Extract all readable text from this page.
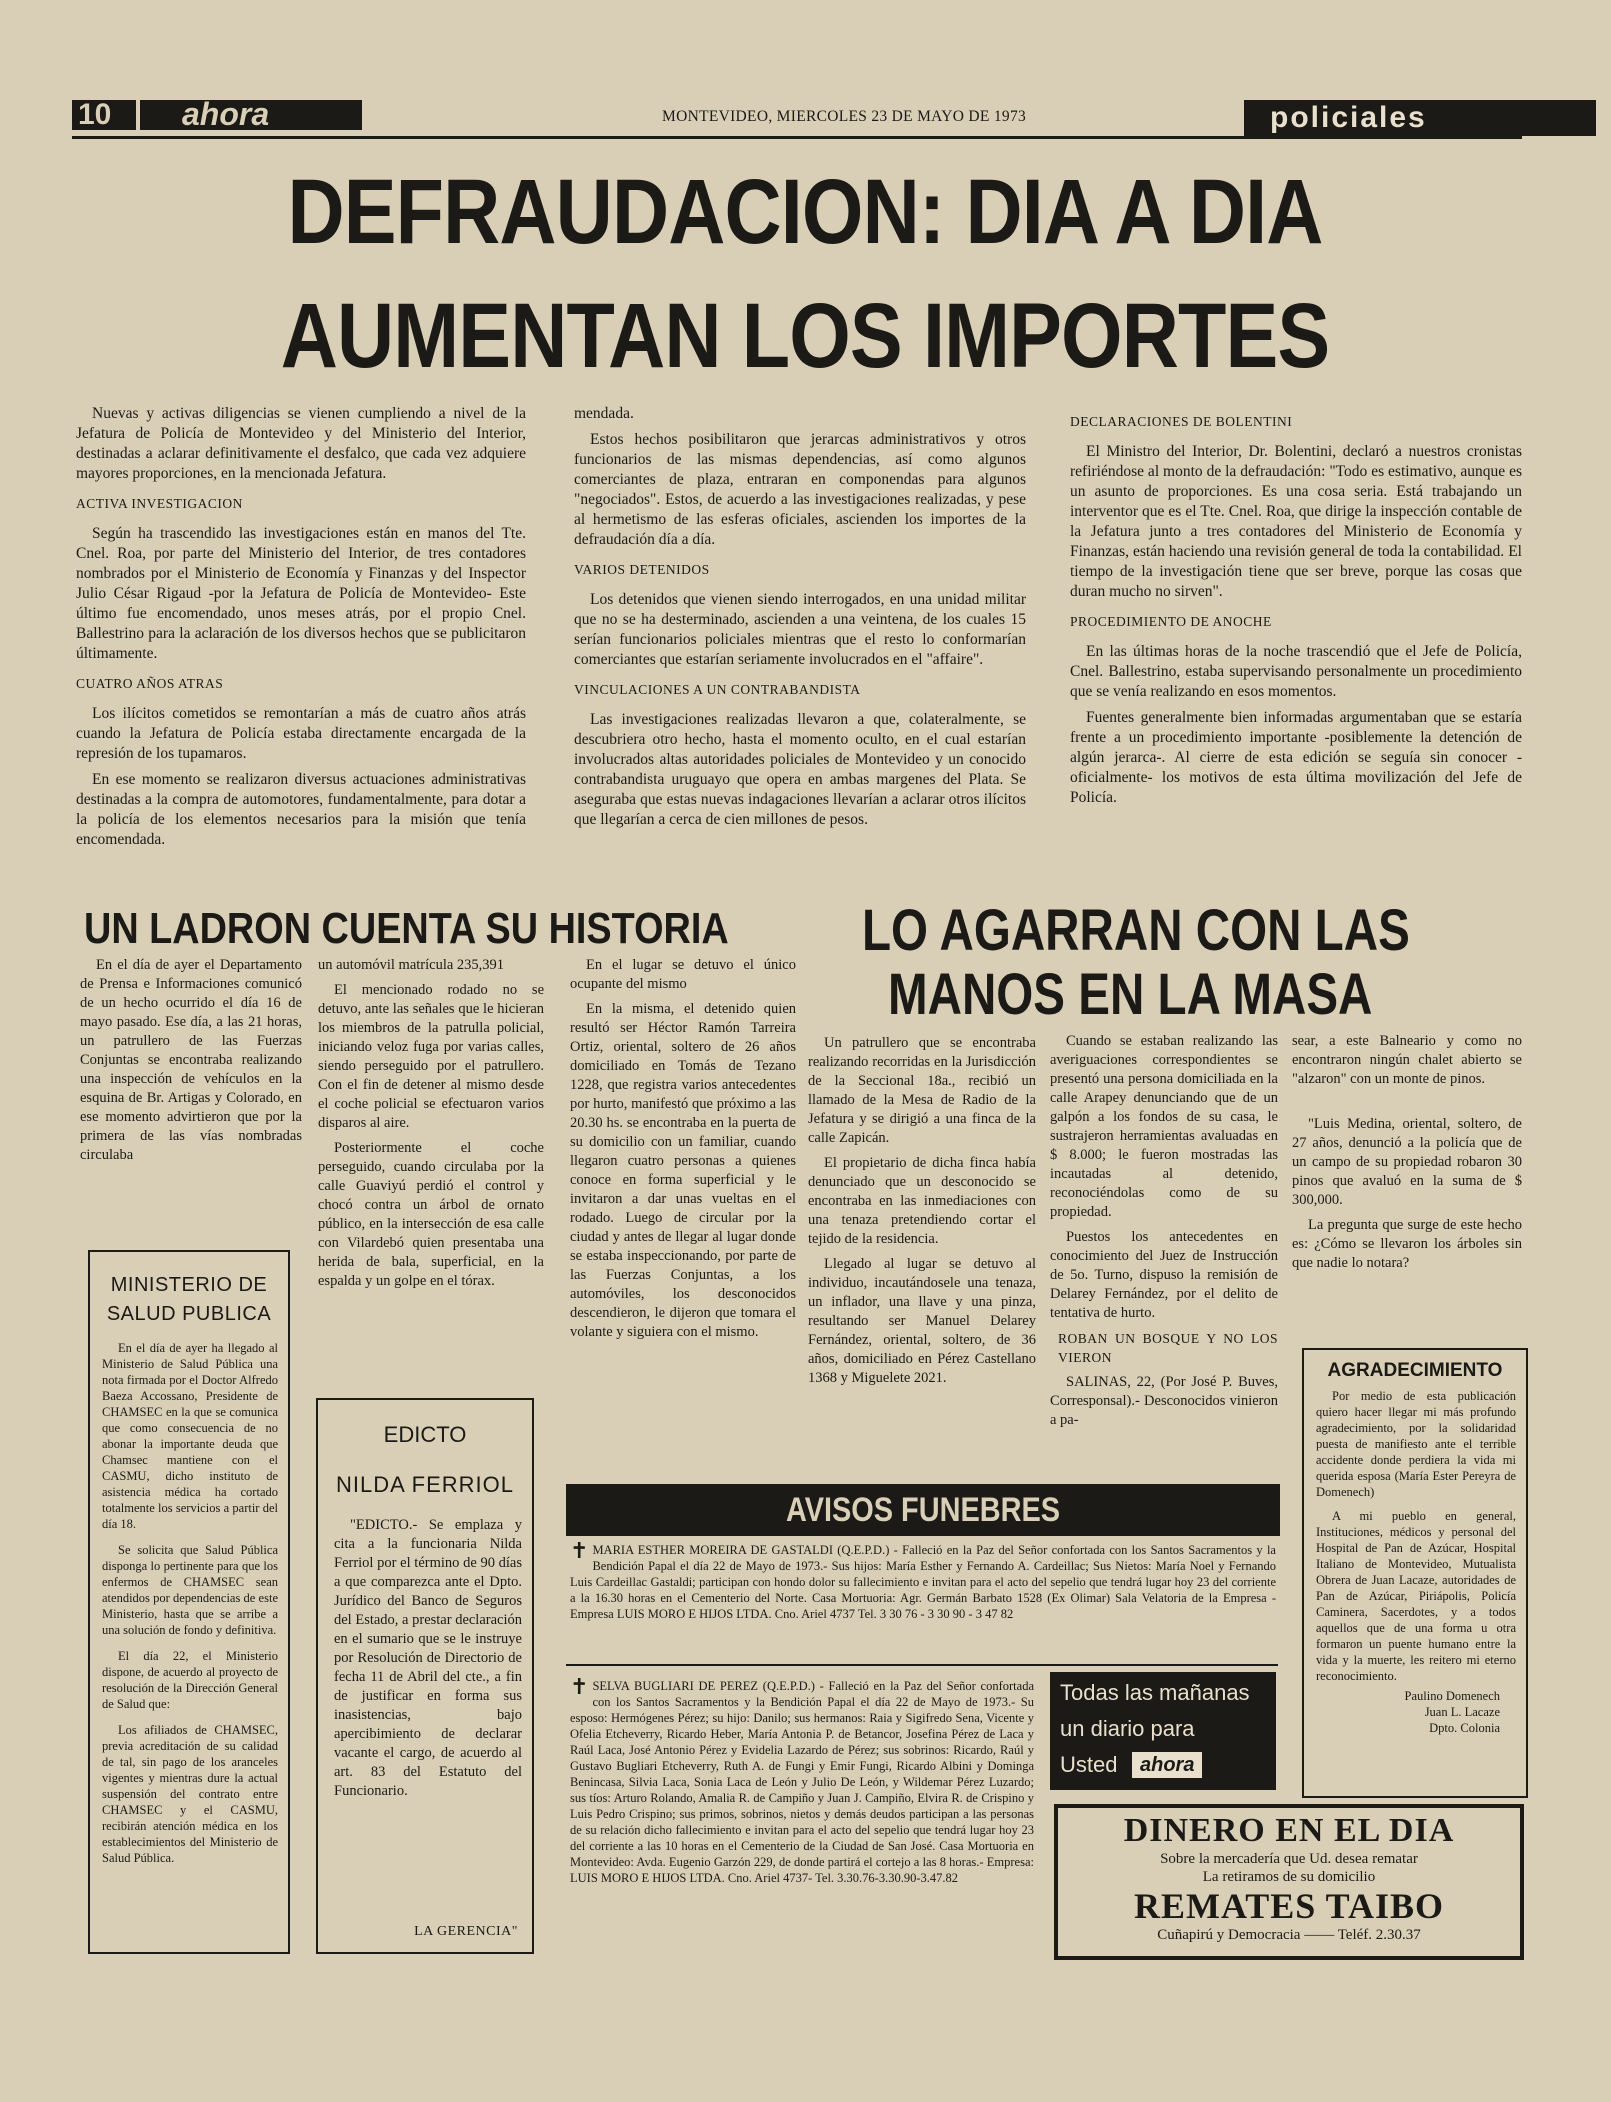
10 ahora	MONTEVIDEO, MIERCOLES 23 DE MAYO DE 1973	policiales
DEFRAUDACION: DIA A DIA
AUMENTAN LOS IMPORTES

Nuevas y activas diligencias se vienen cumpliendo a nivel de la Jefatura de Policía de Montevideo y del Ministerio del Interior, destinadas a aclarar definitivamente el desfalco, que cada vez adquiere mayores proporciones, en la mencionada Jefatura.

ACTIVA INVESTIGACION

Según ha trascendido las investigaciones están en manos del Tte. Cnel. Roa, por parte del Ministerio del Interior, de tres contadores nombrados por el Ministerio de Economía y Finanzas y del Inspector Julio César Rigaud -por la Jefatura de Policía de Montevideo- Este último fue encomendado, unos meses atrás, por el propio Cnel. Ballestrino para la aclaración de los diversos hechos que se publicitaron últimamente.

CUATRO AÑOS ATRAS

Los ilícitos cometidos se remontarían a más de cuatro años atrás cuando la Jefatura de Policía estaba directamente encargada de la represión de los tupamaros.

En ese momento se realizaron diversus actuaciones administrativas destinadas a la compra de automotores, fundamentalmente, para dotar a la policía de los elementos necesarios para la misión que tenía encomendada.

mendada.

Estos hechos posibilitaron que jerarcas administrativos y otros funcionarios de las mismas dependencias, así como algunos comerciantes de plaza, entraran en componendas para algunos "negociados". Estos, de acuerdo a las investigaciones realizadas, y pese al hermetismo de las esferas oficiales, ascienden los importes de la defraudación día a día.

VARIOS DETENIDOS

Los detenidos que vienen siendo interrogados, en una unidad militar que no se ha desterminado, ascienden a una veintena, de los cuales 15 serían funcionarios policiales mientras que el resto lo conformarían comerciantes que estarían seriamente involucrados en el "affaire".

VINCULACIONES A UN CONTRABANDISTA

Las investigaciones realizadas llevaron a que, colateralmente, se descubriera otro hecho, hasta el momento oculto, en el cual estarían involucrados altas autoridades policiales de Montevideo y un conocido contrabandista uruguayo que opera en ambas margenes del Plata. Se aseguraba que estas nuevas indagaciones llevarían a aclarar otros ilícitos que llegarían a cerca de cien millones de pesos.

DECLARACIONES DE BOLENTINI

El Ministro del Interior, Dr. Bolentini, declaró a nuestros cronistas refiriéndose al monto de la defraudación: "Todo es estimativo, aunque es un asunto de proporciones. Es una cosa seria. Está trabajando un interventor que es el Tte. Cnel. Roa, que dirige la inspección contable de la Jefatura junto a tres contadores del Ministerio de Economía y Finanzas, están haciendo una revisión general de toda la contabilidad. El tiempo de la investigación tiene que ser breve, porque las cosas que duran mucho no sirven".

PROCEDIMIENTO DE ANOCHE

En las últimas horas de la noche trascendió que el Jefe de Policía, Cnel. Ballestrino, estaba supervisando personalmente un procedimiento que se venía realizando en esos momentos.

Fuentes generalmente bien informadas argumentaban que se estaría frente a un procedimiento importante -posiblemente la detención de algún jerarca-. Al cierre de esta edición se seguía sin conocer -oficialmente- los motivos de esta última movilización del Jefe de Policía.

UN LADRON CUENTA SU HISTORIA

En el día de ayer el Departamento de Prensa e Informaciones comunicó de un hecho ocurrido el día 16 de mayo pasado. Ese día, a las 21 horas, un patrullero de las Fuerzas Conjuntas se encontraba realizando una inspección de vehículos en la esquina de Br. Artigas y Colorado, en ese momento advirtieron que por la primera de las vías nombradas circulaba

un automóvil matrícula 235,391

El mencionado rodado no se detuvo, ante las señales que le hicieran los miembros de la patrulla policial, iniciando veloz fuga por varias calles, siendo perseguido por el patrullero. Con el fin de detener al mismo desde el coche policial se efectuaron varios disparos al aire.

Posteriormente el coche perseguido, cuando circulaba por la calle Guaviyú perdió el control y chocó contra un árbol de ornato público, en la intersección de esa calle con Vilardebó quien presentaba una herida de bala, superficial, en la espalda y un golpe en el tórax.

En el lugar se detuvo el único ocupante del mismo

En la misma, el detenido quien resultó ser Héctor Ramón Tarreira Ortiz, oriental, soltero de 26 años domiciliado en Tomás de Tezano 1228, que registra varios antecedentes por hurto, manifestó que próximo a las 20.30 hs. se encontraba en la puerta de su domicilio con un familiar, cuando llegaron cuatro personas a quienes conoce en forma superficial y le invitaron a dar unas vueltas en el rodado. Luego de circular por la ciudad y antes de llegar al lugar donde se estaba inspeccionando, por parte de las Fuerzas Conjuntas, a los automóviles, los desconocidos descendieron, le dijeron que tomara el volante y siguiera con el mismo.

LO AGARRAN CON LAS
MANOS EN LA MASA

Un patrullero que se encontraba realizando recorridas en la Jurisdicción de la Seccional 18a., recibió un llamado de la Mesa de Radio de la Jefatura y se dirigió a una finca de la calle Zapicán.

El propietario de dicha finca había denunciado que un desconocido se encontraba en las inmediaciones con una tenaza pretendiendo cortar el tejido de la residencia.

Llegado al lugar se detuvo al individuo, incautándosele una tenaza, un inflador, una llave y una pinza, resultando ser Manuel Delarey Fernández, oriental, soltero, de 36 años, domiciliado en Pérez Castellano 1368 y Miguelete 2021.

Cuando se estaban realizando las averiguaciones correspondientes se presentó una persona domiciliada en la calle Arapey denunciando que de un galpón a los fondos de su casa, le sustrajeron herramientas avaluadas en $ 8.000; le fueron mostradas las incautadas al detenido, reconociéndolas como de su propiedad.

Puestos los antecedentes en conocimiento del Juez de Instrucción de 5o. Turno, dispuso la remisión de Delarey Fernández, por el delito de tentativa de hurto.

ROBAN UN BOSQUE Y NO LOS VIERON

SALINAS, 22, (Por José P. Buves, Corresponsal).- Desconocidos vinieron a pa-

sear, a este Balneario y como no encontraron ningún chalet abierto se "alzaron" con un monte de pinos.

"Luis Medina, oriental, soltero, de 27 años, denunció a la policía que de un campo de su propiedad robaron 30 pinos que avaluó en la suma de $ 300,000.

La pregunta que surge de este hecho es: ¿Cómo se llevaron los árboles sin que nadie lo notara?

MINISTERIO DE
SALUD PUBLICA

En el día de ayer ha llegado al Ministerio de Salud Pública una nota firmada por el Doctor Alfredo Baeza Accossano, Presidente de CHAMSEC en la que se comunica que como consecuencia de no abonar la importante deuda que Chamsec mantiene con el CASMU, dicho instituto de asistencia médica ha cortado totalmente los servicios a partir del día 18.

Se solicita que Salud Pública disponga lo pertinente para que los enfermos de CHAMSEC sean atendidos por dependencias de este Ministerio, hasta que se arribe a una solución de fondo y definitiva.

El día 22, el Ministerio dispone, de acuerdo al proyecto de resolución de la Dirección General de Salud que:

Los afiliados de CHAMSEC, previa acreditación de su calidad de tal, sin pago de los aranceles vigentes y mientras dure la actual suspensión del contrato entre CHAMSEC y el CASMU, recibirán atención médica en los establecimientos del Ministerio de Salud Pública.

EDICTO
NILDA FERRIOL

"EDICTO.- Se emplaza y cita a la funcionaria Nilda Ferriol por el término de 90 días a que comparezca ante el Dpto. Jurídico del Banco de Seguros del Estado, a prestar declaración en el sumario que se le instruye por Resolución de Directorio de fecha 11 de Abril del cte., a fin de justificar en forma sus inasistencias, bajo apercibimiento de declarar vacante el cargo, de acuerdo al art. 83 del Estatuto del Funcionario.

LA GERENCIA"
AVISOS FUNEBRES
✝ MARIA ESTHER MOREIRA DE GASTALDI (Q.E.P.D.) - Falleció en la Paz del Señor confortada con los Santos Sacramentos y la Bendición Papal el día 22 de Mayo de 1973.- Sus hijos: María Esther y Fernando A. Cardeillac; Sus Nietos: María Noel y Fernando Luis Cardeillac Gastaldi; participan con hondo dolor su fallecimiento e invitan para el acto del sepelio que tendrá lugar hoy 23 del corriente a la 16.30 horas en el Cementerio del Norte. Casa Mortuoria: Agr. Germán Barbato 1528 (Ex Olimar) Sala Velatoria de la Empresa - Empresa LUIS MORO E HIJOS LTDA. Cno. Ariel 4737 Tel. 3 30 76 - 3 30 90 - 3 47 82
✝ SELVA BUGLIARI DE PEREZ (Q.E.P.D.) - Falleció en la Paz del Señor confortada con los Santos Sacramentos y la Bendición Papal el día 22 de Mayo de 1973.- Su esposo: Hermógenes Pérez; su hijo: Danilo; sus hermanos: Raia y Sigifredo Sena, Vicente y Ofelia Etcheverry, Ricardo Heber, María Antonia P. de Betancor, Josefina Pérez de Laca y Raúl Laca, José Antonio Pérez y Evidelia Lazardo de Pérez; sus sobrinos: Ricardo, Raúl y Gustavo Bugliari Etcheverry, Ruth A. de Fungi y Emir Fungi, Ricardo Albini y Dominga Benincasa, Silvia Laca, Sonia Laca de León y Julio De León, y Wildemar Pérez Luzardo; sus tíos: Arturo Rolando, Amalia R. de Campiño y Juan J. Campiño, Elvira R. de Crispino y Luis Pedro Crispino; sus primos, sobrinos, nietos y demás deudos participan a las personas de su relación dicho fallecimiento e invitan para el acto del sepelio que tendrá lugar hoy 23 del corriente a las 10 horas en el Cementerio de la Ciudad de San José. Casa Mortuoria en Montevideo: Avda. Eugenio Garzón 229, de donde partirá el cortejo a las 8 horas.- Empresa: LUIS MORO E HIJOS LTDA. Cno. Ariel 4737- Tel. 3.30.76-3.30.90-3.47.82
Todas las mañanas
un diario para
Usted	ahora
AGRADECIMIENTO

Por medio de esta publicación quiero hacer llegar mi más profundo agradecimiento, por la solidaridad puesta de manifiesto ante el terrible accidente donde perdiera la vida mi querida esposa (María Ester Pereyra de Domenech)

A mi pueblo en general, Instituciones, médicos y personal del Hospital de Pan de Azúcar, Hospital Italiano de Montevideo, Mutualista Obrera de Juan Lacaze, autoridades de Pan de Azúcar, Piriápolis, Policía Caminera, Sacerdotes, y a todos aquellos que de una forma u otra formaron un puente humano entre la vida y la muerte, les reitero mi eterno reconocimiento.

Paulino Domenech
Juan L. Lacaze
Dpto. Colonia
DINERO EN EL DIA
Sobre la mercadería que Ud. desea rematar
La retiramos de su domicilio
REMATES TAIBO
Cuñapirú y Democracia —— Teléf. 2.30.37
